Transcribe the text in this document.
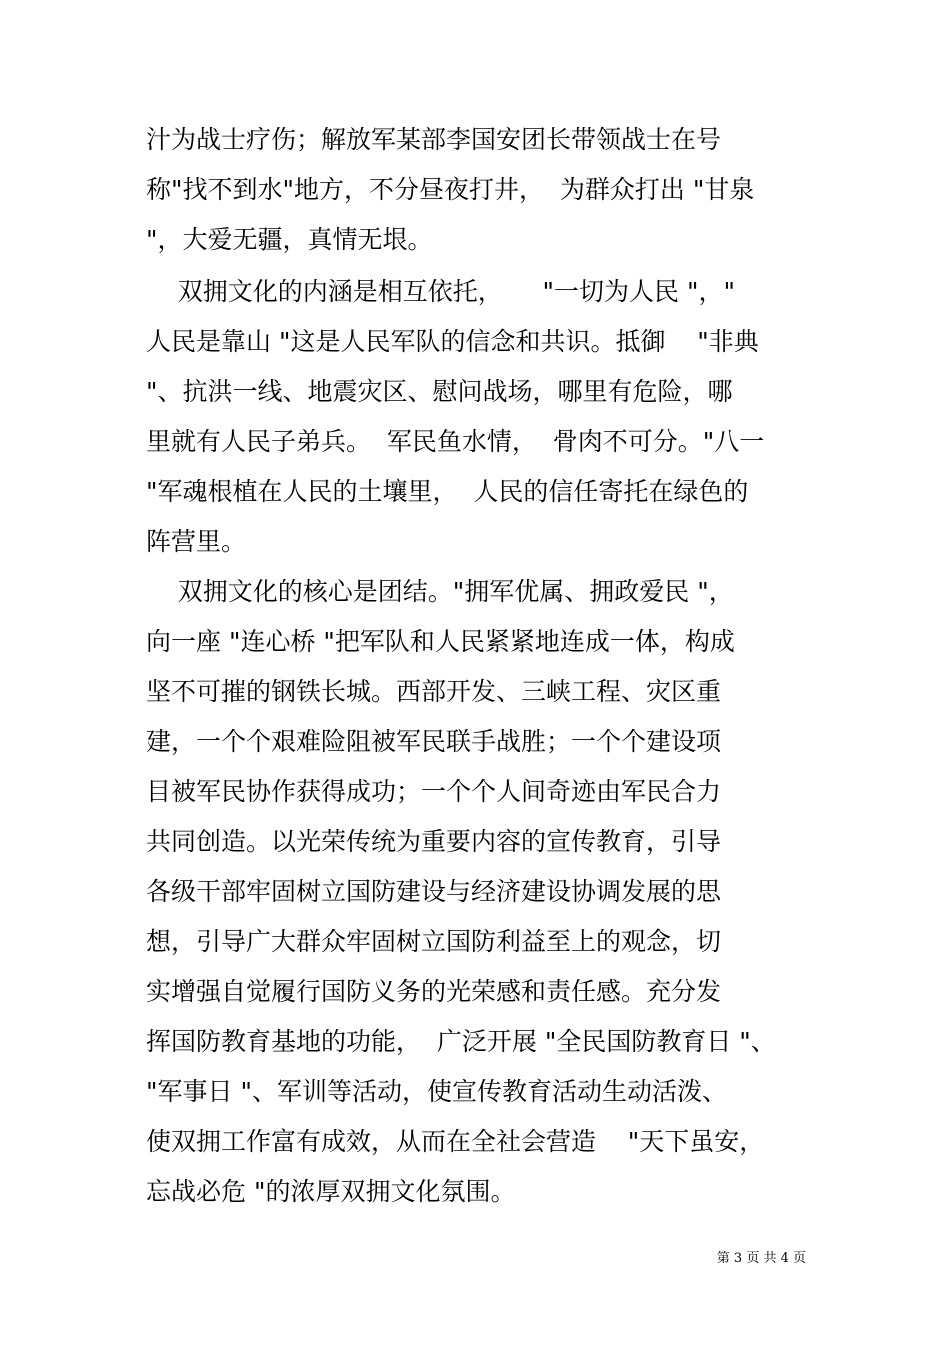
汁为战士疗伤；解放军某部李国安团长带领战士在号
称"找不到水"地方，不分昼夜打井，  为群众打出 "甘泉
"，大爱无疆，真情无垠。
双拥文化的内涵是相互依托，     "一切为人民 "，"
人民是靠山 "这是人民军队的信念和共识。抵御    "非典
"、抗洪一线、地震灾区、慰问战场，哪里有危险，哪
里就有人民子弟兵。  军民鱼水情，  骨肉不可分。"八一
"军魂根植在人民的土壤里，  人民的信任寄托在绿色的
阵营里。
双拥文化的核心是团结。"拥军优属、拥政爱民 "，
向一座 "连心桥 "把军队和人民紧紧地连成一体，构成
坚不可摧的钢铁长城。西部开发、三峡工程、灾区重
建，一个个艰难险阻被军民联手战胜；一个个建设项
目被军民协作获得成功；一个个人间奇迹由军民合力
共同创造。以光荣传统为重要内容的宣传教育，引导
各级干部牢固树立国防建设与经济建设协调发展的思
想，引导广大群众牢固树立国防利益至上的观念，切
实增强自觉履行国防义务的光荣感和责任感。充分发
挥国防教育基地的功能，  广泛开展 "全民国防教育日 "、
"军事日 "、军训等活动，使宣传教育活动生动活泼、
使双拥工作富有成效，从而在全社会营造    "天下虽安，
忘战必危 "的浓厚双拥文化氛围。
第 3 页 共 4 页
